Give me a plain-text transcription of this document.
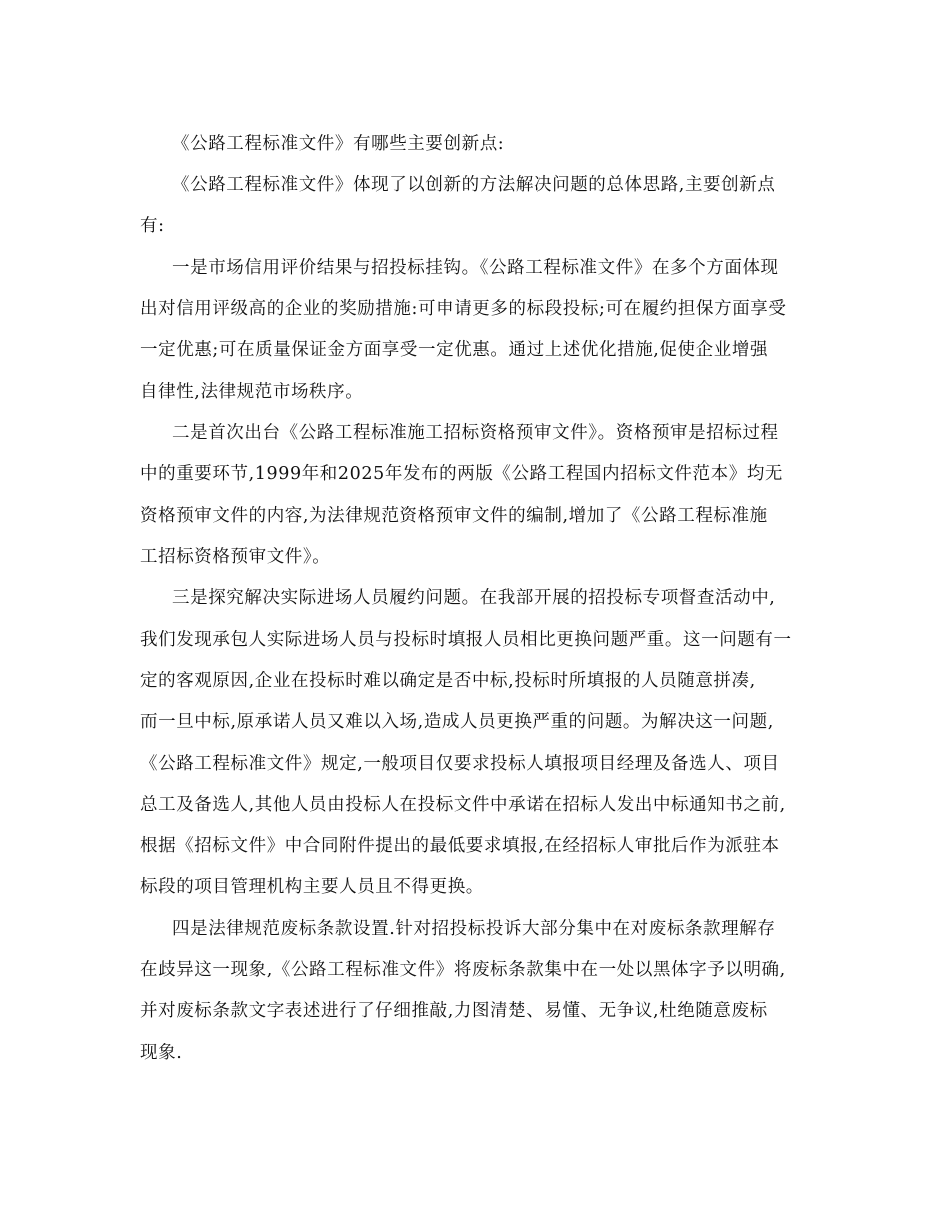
《公路工程标准文件》有哪些主要创新点:
《公路工程标准文件》体现了以创新的方法解决问题的总体思路,主要创新点
有:
一是市场信用评价结果与招投标挂钩。《公路工程标准文件》在多个方面体现
出对信用评级高的企业的奖励措施:可申请更多的标段投标;可在履约担保方面享受
一定优惠;可在质量保证金方面享受一定优惠。通过上述优化措施,促使企业增强
自律性,法律规范市场秩序。
二是首次出台《公路工程标准施工招标资格预审文件》。资格预审是招标过程
中的重要环节,1999年和2025年发布的两版《公路工程国内招标文件范本》均无
资格预审文件的内容,为法律规范资格预审文件的编制,增加了《公路工程标准施
工招标资格预审文件》。
三是探究解决实际进场人员履约问题。在我部开展的招投标专项督查活动中,
我们发现承包人实际进场人员与投标时填报人员相比更换问题严重。这一问题有一
定的客观原因,企业在投标时难以确定是否中标,投标时所填报的人员随意拼凑,
而一旦中标,原承诺人员又难以入场,造成人员更换严重的问题。为解决这一问题,
《公路工程标准文件》规定,一般项目仅要求投标人填报项目经理及备选人、项目
总工及备选人,其他人员由投标人在投标文件中承诺在招标人发出中标通知书之前,
根据《招标文件》中合同附件提出的最低要求填报,在经招标人审批后作为派驻本
标段的项目管理机构主要人员且不得更换。
四是法律规范废标条款设置.针对招投标投诉大部分集中在对废标条款理解存
在歧异这一现象,《公路工程标准文件》将废标条款集中在一处以黑体字予以明确,
并对废标条款文字表述进行了仔细推敲,力图清楚、易懂、无争议,杜绝随意废标
现象.
